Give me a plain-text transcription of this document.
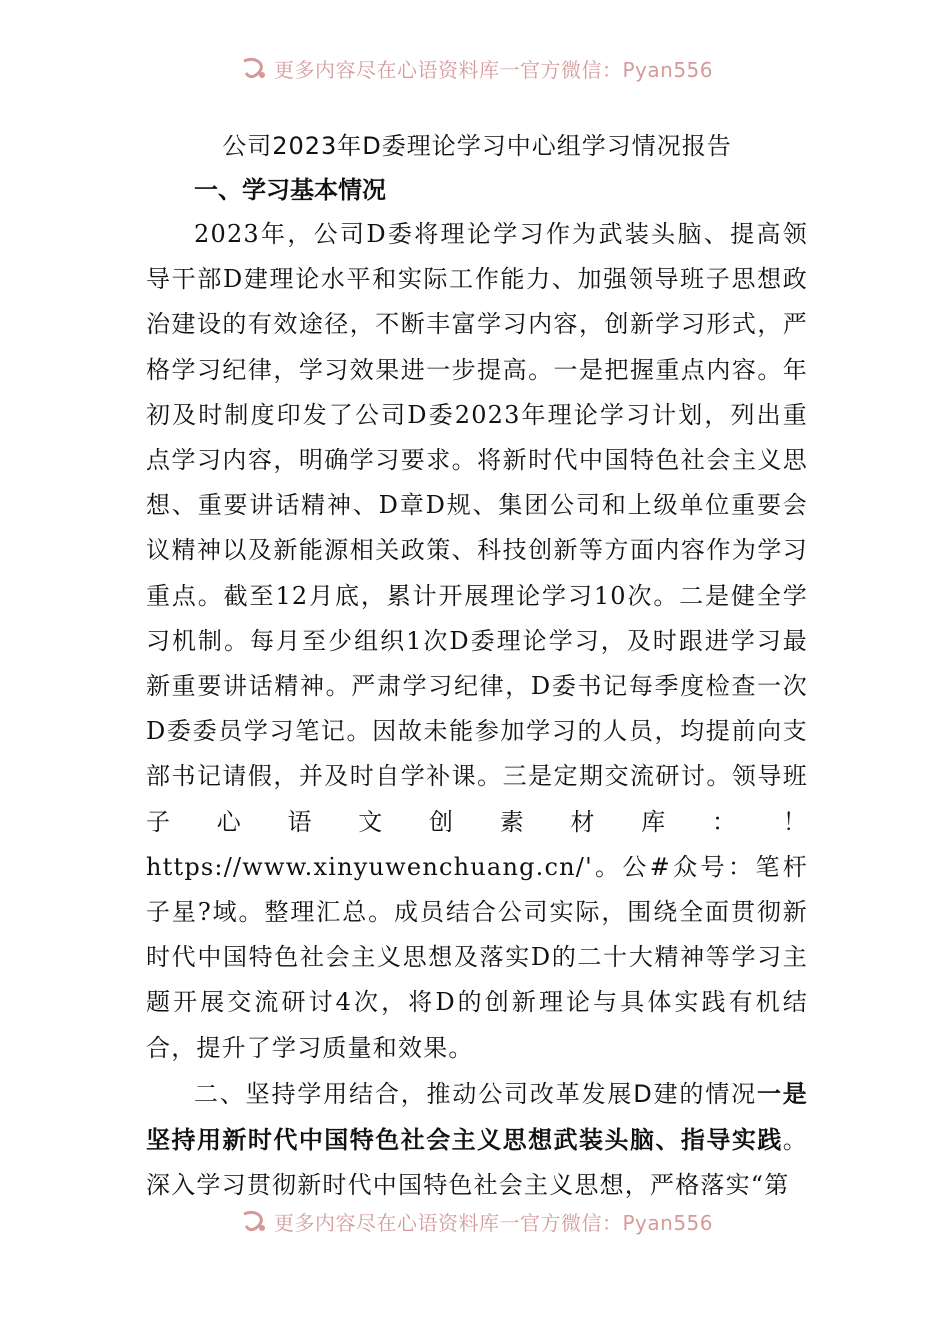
更多内容尽在心语资料库一官方微信：Pyan556
公司2023年D委理论学习中心组学习情况报告
一、学习基本情况

2023年，公司D委将理论学习作为武装头脑、提高领导干部D建理论水平和实际工作能力、加强领导班子思想政治建设的有效途径，不断丰富学习内容，创新学习形式，严格学习纪律，学习效果进一步提高。一是把握重点内容。年初及时制度印发了公司D委2023年理论学习计划，列出重点学习内容，明确学习要求。将新时代中国特色社会主义思想、重要讲话精神、D章D规、集团公司和上级单位重要会议精神以及新能源相关政策、科技创新等方面内容作为学习重点。截至12月底，累计开展理论学习10次。二是健全学习机制。每月至少组织1次D委理论学习，及时跟进学习最新重要讲话精神。严肃学习纪律，D委书记每季度检查一次D委委员学习笔记。因故未能参加学习的人员，均提前向支部书记请假，并及时自学补课。三是定期交流研讨。领导班子心语文创素材库：！https://www.xinyuwenchuang.cn/'。公#众号：笔杆子星?域。整理汇总。成员结合公司实际，围绕全面贯彻新时代中国特色社会主义思想及落实D的二十大精神等学习主题开展交流研讨4次，将D的创新理论与具体实践有机结合，提升了学习质量和效果。

二、坚持学用结合，推动公司改革发展D建的情况一是坚持用新时代中国特色社会主义思想武装头脑、指导实践。深入学习贯彻新时代中国特色社会主义思想，严格落实“第

更多内容尽在心语资料库一官方微信：Pyan556
